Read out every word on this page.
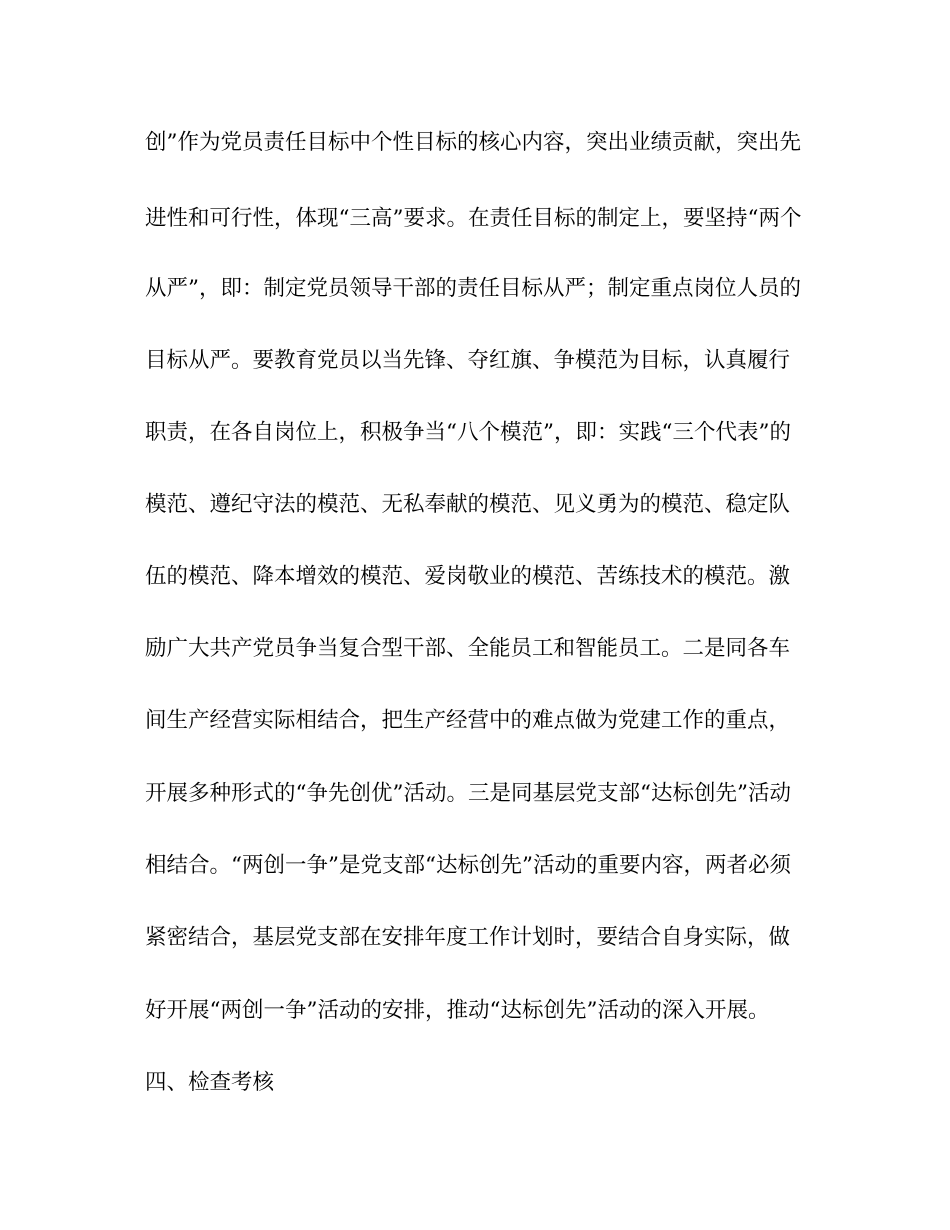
创”作为党员责任目标中个性目标的核心内容，突出业绩贡献，突出先

进性和可行性，体现“三高”要求。在责任目标的制定上，要坚持“两个

从严”，即：制定党员领导干部的责任目标从严；制定重点岗位人员的

目标从严。要教育党员以当先锋、夺红旗、争模范为目标，认真履行

职责，在各自岗位上，积极争当“八个模范”，即：实践“三个代表”的

模范、遵纪守法的模范、无私奉献的模范、见义勇为的模范、稳定队

伍的模范、降本增效的模范、爱岗敬业的模范、苦练技术的模范。激

励广大共产党员争当复合型干部、全能员工和智能员工。二是同各车

间生产经营实际相结合，把生产经营中的难点做为党建工作的重点，

开展多种形式的“争先创优”活动。三是同基层党支部“达标创先”活动

相结合。“两创一争”是党支部“达标创先”活动的重要内容，两者必须

紧密结合，基层党支部在安排年度工作计划时，要结合自身实际，做

好开展“两创一争”活动的安排，推动“达标创先”活动的深入开展。

四、检查考核
